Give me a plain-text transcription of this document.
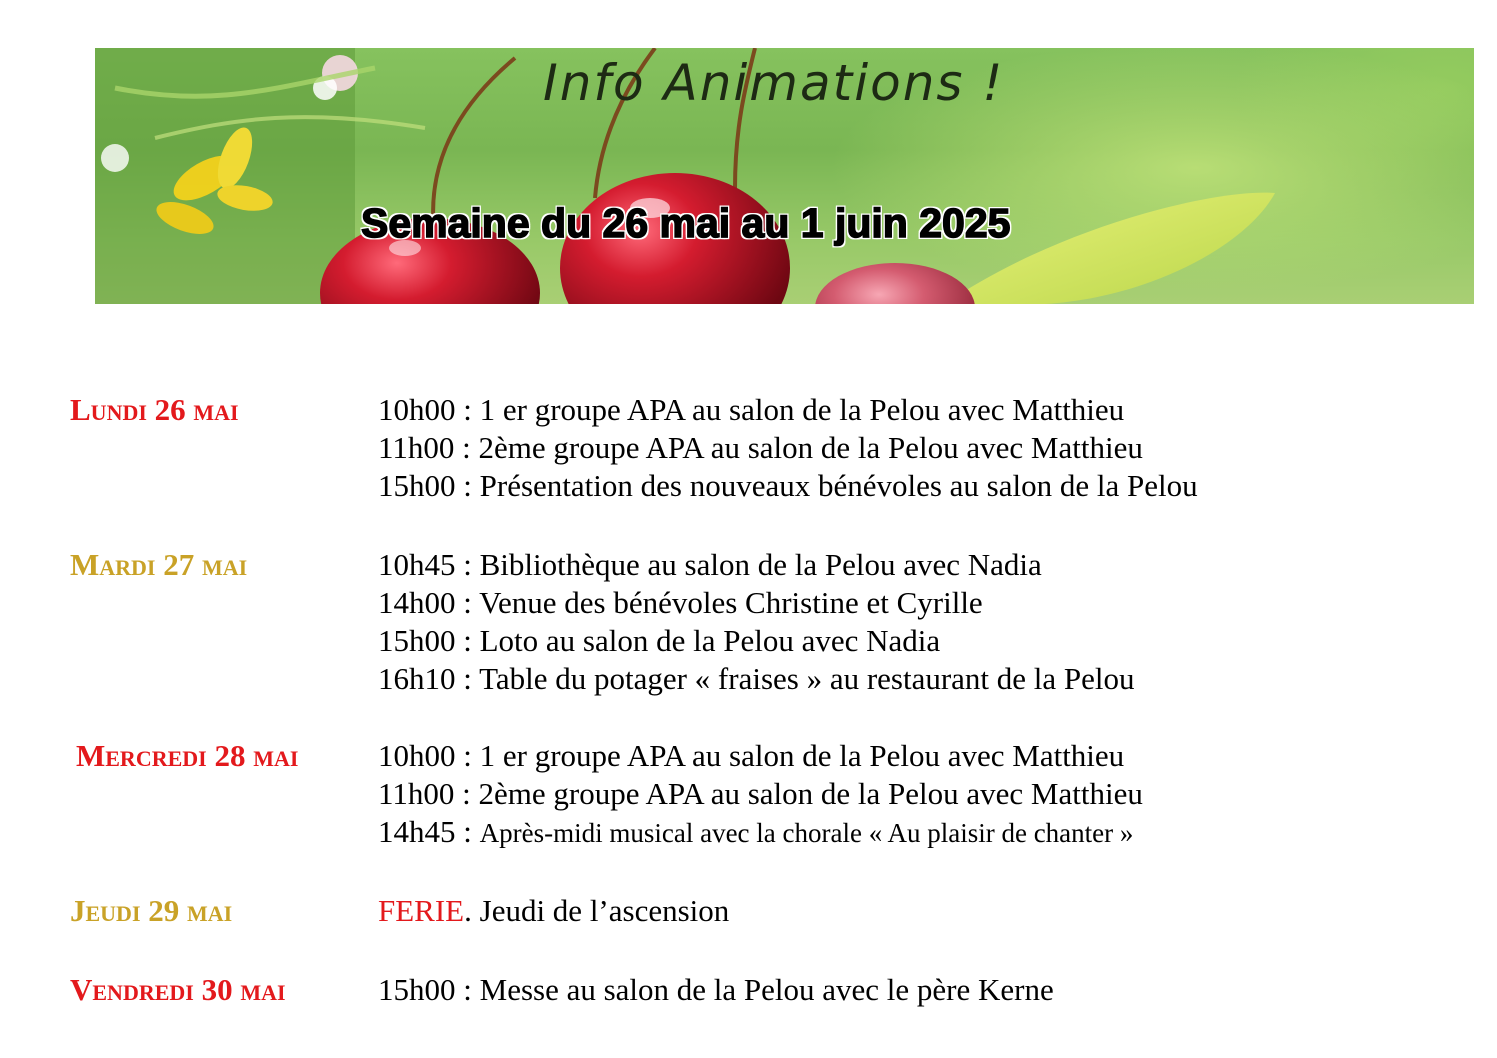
Info Animations !
Semaine du 26 mai au 1 juin 2025
Lundi 26 mai	10h00 : 1 er groupe APA au salon de la Pelou avec Matthieu
11h00 : 2ème groupe APA au salon de la Pelou avec Matthieu
15h00 : Présentation des nouveaux bénévoles au salon de la Pelou
Mardi 27 mai	10h45 : Bibliothèque au salon de la Pelou avec Nadia
14h00 : Venue des bénévoles Christine et Cyrille
15h00 : Loto au salon de la Pelou avec Nadia
16h10 : Table du potager « fraises » au restaurant de la Pelou
Mercredi 28 mai	10h00 : 1 er groupe APA au salon de la Pelou avec Matthieu
11h00 : 2ème groupe APA au salon de la Pelou avec Matthieu
14h45 : Après-midi musical avec la chorale « Au plaisir de chanter »
Jeudi 29 mai	FERIE. Jeudi de l’ascension
Vendredi 30 mai	15h00 : Messe au salon de la Pelou avec le père Kerne
